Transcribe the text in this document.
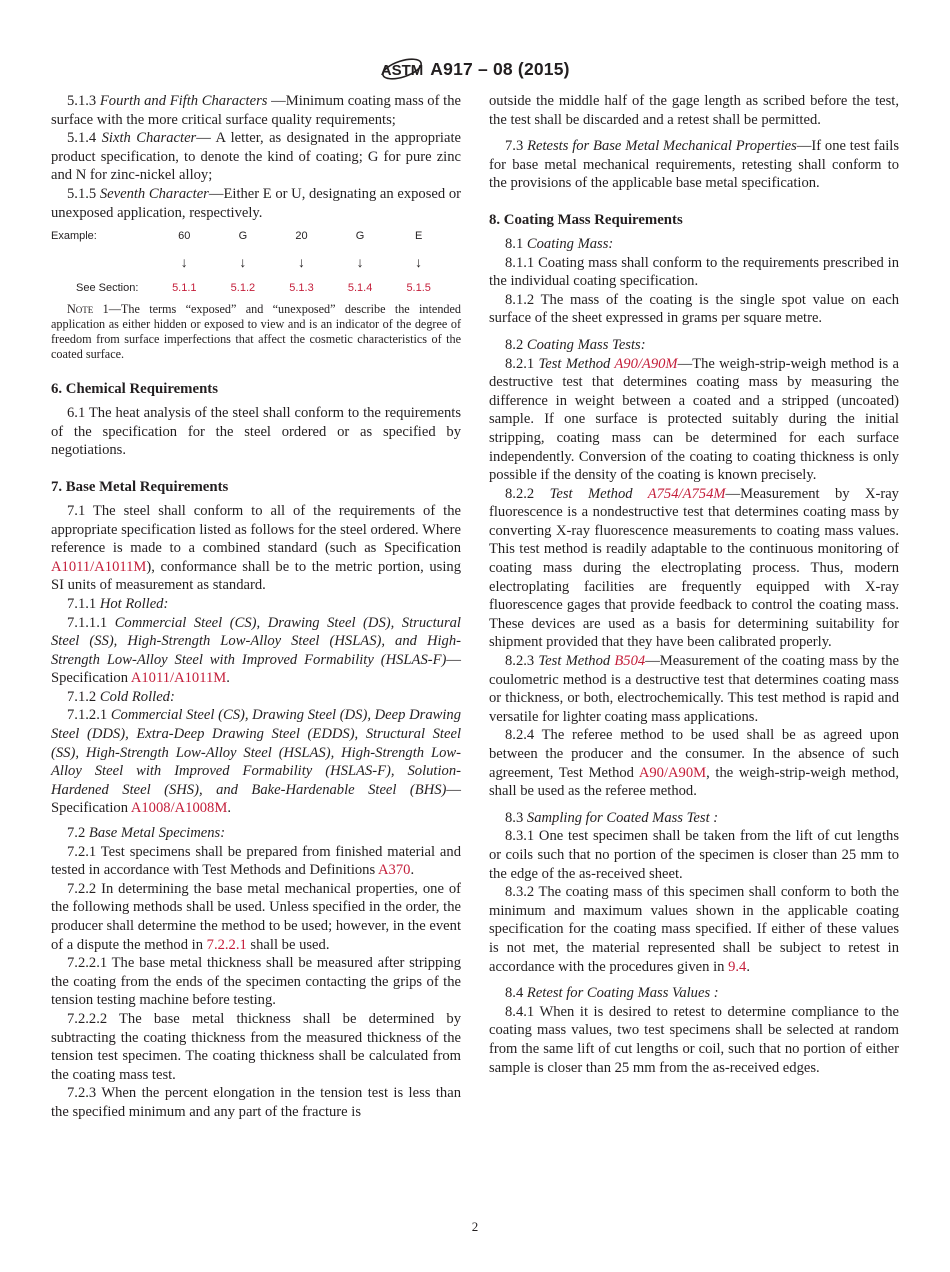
ASTM A917 – 08 (2015)

5.1.3 Fourth and Fifth Characters —Minimum coating mass of the surface with the more critical surface quality requirements;

5.1.4 Sixth Character— A letter, as designated in the appropriate product specification, to denote the kind of coating; G for pure zinc and N for zinc-nickel alloy;

5.1.5 Seventh Character—Either E or U, designating an exposed or unexposed application, respectively.

Example:	60	G	20	G	E
↓	↓	↓	↓	↓
See Section:	5.1.1	5.1.2	5.1.3	5.1.4	5.1.5

Note 1—The terms “exposed” and “unexposed” describe the intended application as either hidden or exposed to view and is an indicator of the degree of freedom from surface imperfections that affect the cosmetic characteristics of the coated surface.

6. Chemical Requirements

6.1 The heat analysis of the steel shall conform to the requirements of the specification for the steel ordered or as specified by negotiations.

7. Base Metal Requirements

7.1 The steel shall conform to all of the requirements of the appropriate specification listed as follows for the steel ordered. Where reference is made to a combined standard (such as Specification A1011/A1011M), conformance shall be to the metric portion, using SI units of measurement as standard.

7.1.1 Hot Rolled:

7.1.1.1 Commercial Steel (CS), Drawing Steel (DS), Structural Steel (SS), High-Strength Low-Alloy Steel (HSLAS), and High-Strength Low-Alloy Steel with Improved Formability (HSLAS-F)—Specification A1011/A1011M.

7.1.2 Cold Rolled:

7.1.2.1 Commercial Steel (CS), Drawing Steel (DS), Deep Drawing Steel (DDS), Extra-Deep Drawing Steel (EDDS), Structural Steel (SS), High-Strength Low-Alloy Steel (HSLAS), High-Strength Low-Alloy Steel with Improved Formability (HSLAS-F), Solution-Hardened Steel (SHS), and Bake-Hardenable Steel (BHS)—Specification A1008/A1008M.

7.2 Base Metal Specimens:

7.2.1 Test specimens shall be prepared from finished material and tested in accordance with Test Methods and Definitions A370.

7.2.2 In determining the base metal mechanical properties, one of the following methods shall be used. Unless specified in the order, the producer shall determine the method to be used; however, in the event of a dispute the method in 7.2.2.1 shall be used.

7.2.2.1 The base metal thickness shall be measured after stripping the coating from the ends of the specimen contacting the grips of the tension testing machine before testing.

7.2.2.2 The base metal thickness shall be determined by subtracting the coating thickness from the measured thickness of the tension test specimen. The coating thickness shall be calculated from the coating mass test.

7.2.3 When the percent elongation in the tension test is less than the specified minimum and any part of the fracture is

outside the middle half of the gage length as scribed before the test, the test shall be discarded and a retest shall be permitted.

7.3 Retests for Base Metal Mechanical Properties—If one test fails for base metal mechanical requirements, retesting shall conform to the provisions of the applicable base metal specification.

8. Coating Mass Requirements

8.1 Coating Mass:

8.1.1 Coating mass shall conform to the requirements prescribed in the individual coating specification.

8.1.2 The mass of the coating is the single spot value on each surface of the sheet expressed in grams per square metre.

8.2 Coating Mass Tests:

8.2.1 Test Method A90/A90M—The weigh-strip-weigh method is a destructive test that determines coating mass by measuring the difference in weight between a coated and a stripped (uncoated) sample. If one surface is protected suitably during the initial stripping, coating mass can be determined for each surface independently. Conversion of the coating to coating thickness is only possible if the density of the coating is known precisely.

8.2.2 Test Method A754/A754M—Measurement by X-ray fluorescence is a nondestructive test that determines coating mass by converting X-ray fluorescence measurements to coating mass values. This test method is readily adaptable to the continuous monitoring of coating mass during the electroplating process. Thus, modern electroplating facilities are frequently equipped with X-ray fluorescence gages that provide feedback to control the coating mass. These devices are used as a basis for determining suitability for shipment provided that they have been calibrated properly.

8.2.3 Test Method B504—Measurement of the coating mass by the coulometric method is a destructive test that determines coating mass or thickness, or both, electrochemically. This test method is rapid and versatile for lighter coating mass applications.

8.2.4 The referee method to be used shall be as agreed upon between the producer and the consumer. In the absence of such agreement, Test Method A90/A90M, the weigh-strip-weigh method, shall be used as the referee method.

8.3 Sampling for Coated Mass Test :

8.3.1 One test specimen shall be taken from the lift of cut lengths or coils such that no portion of the specimen is closer than 25 mm to the edge of the as-received sheet.

8.3.2 The coating mass of this specimen shall conform to both the minimum and maximum values shown in the applicable coating specification for the coating mass specified. If either of these values is not met, the material represented shall be subject to retest in accordance with the procedures given in 9.4.

8.4 Retest for Coating Mass Values :

8.4.1 When it is desired to retest to determine compliance to the coating mass values, two test specimens shall be selected at random from the same lift of cut lengths or coil, such that no portion of either sample is closer than 25 mm from the as-received edges.

2
